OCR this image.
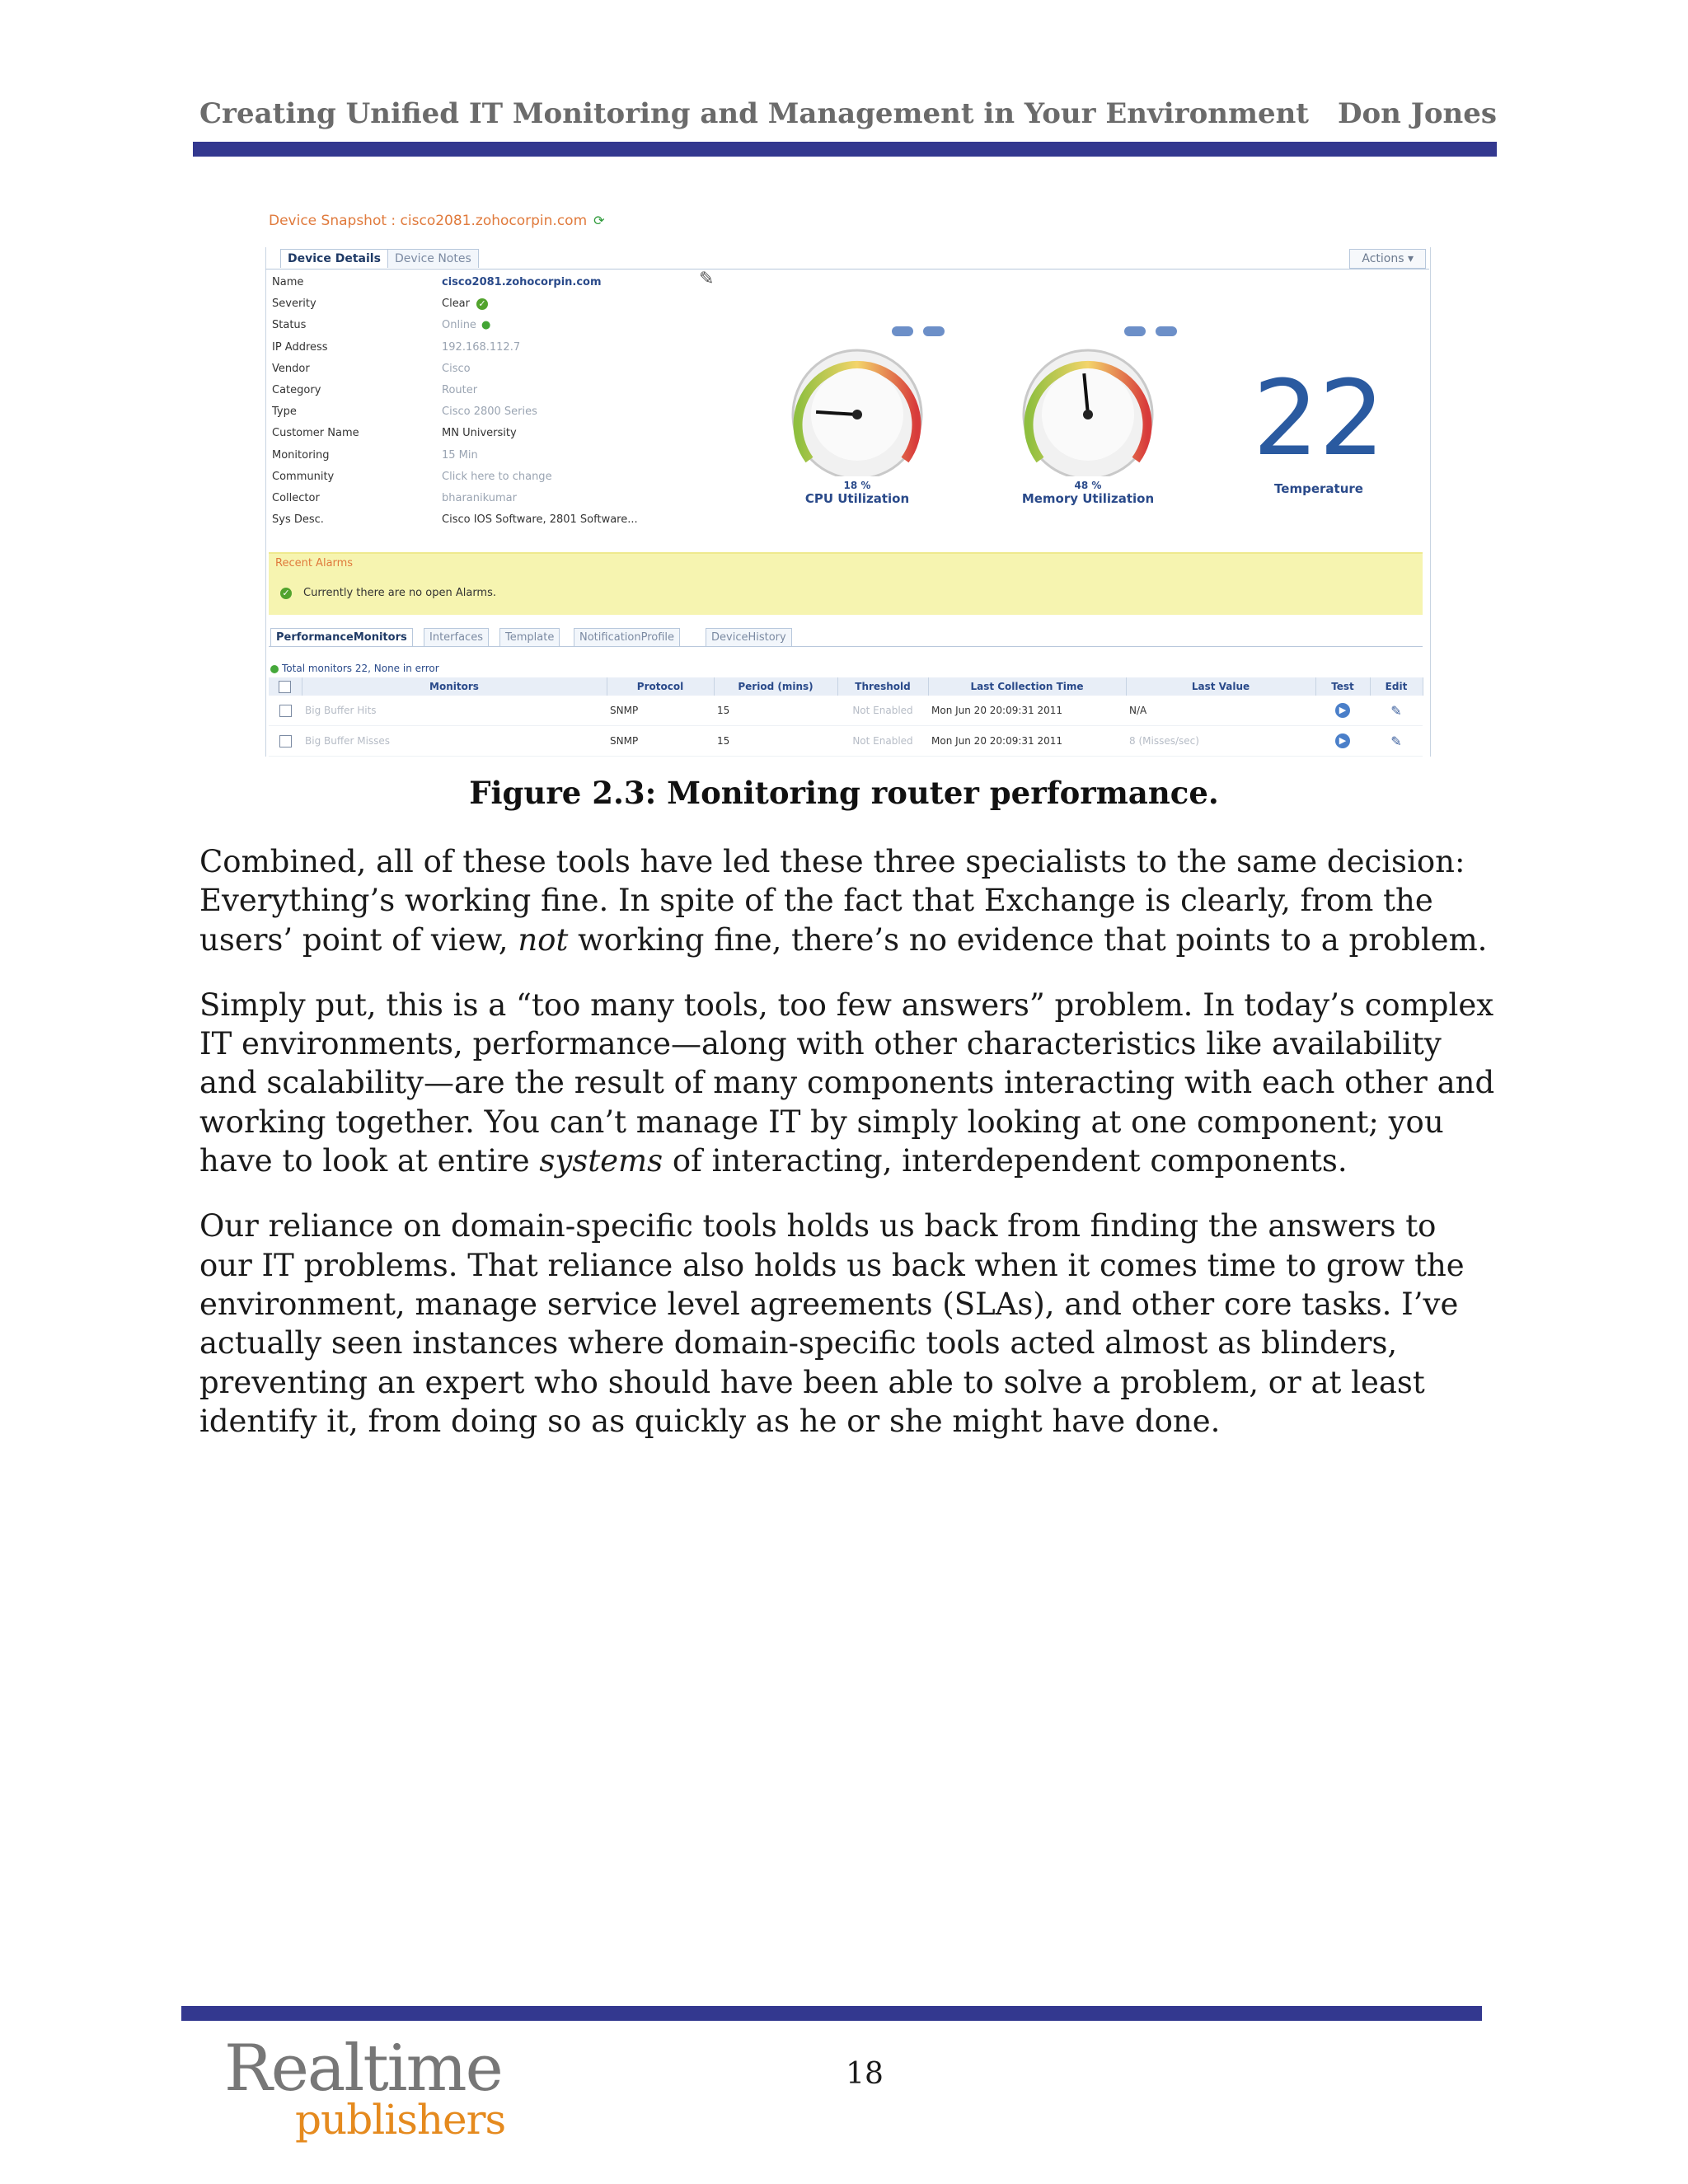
Creating Unified IT Monitoring and Management in Your Environment Don Jones
Device Snapshot : cisco2081.zohocorpin.com ⟳
Device Details	Device Notes	Actions ▾
Name	cisco2081.zohocorpin.com
Severity	Clear ✓
Status	Online ●
IP Address	192.168.112.7
Vendor	Cisco
Category	Router
Type	Cisco 2800 Series
Customer Name	MN University
Monitoring	15 Min
Community	Click here to change
Collector	bharanikumar
Sys Desc.	Cisco IOS Software, 2801 Software...
✎
18 %
CPU Utilization
48 %
Memory Utilization
22
Temperature
Recent Alarms
✓ Currently there are no open Alarms.
PerformanceMonitors	Interfaces	Template	NotificationProfile	DeviceHistory
Total monitors 22, None in error
	Monitors	Protocol	Period (mins)	Threshold	Last Collection Time	Last Value	Test	Edit
	Big Buffer Hits	SNMP	15	Not Enabled	Mon Jun 20 20:09:31 2011	N/A	▶	✎
	Big Buffer Misses	SNMP	15	Not Enabled	Mon Jun 20 20:09:31 2011	8 (Misses/sec)	▶	✎
Figure 2.3: Monitoring router performance.

Combined, all of these tools have led these three specialists to the same decision: Everything’s working fine. In spite of the fact that Exchange is clearly, from the users’ point of view, not working fine, there’s no evidence that points to a problem.

Simply put, this is a “too many tools, too few answers” problem. In today’s complex IT environments, performance—along with other characteristics like availability and scalability—are the result of many components interacting with each other and working together. You can’t manage IT by simply looking at one component; you have to look at entire systems of interacting, interdependent components.

Our reliance on domain-specific tools holds us back from finding the answers to our IT problems. That reliance also holds us back when it comes time to grow the environment, manage service level agreements (SLAs), and other core tasks. I’ve actually seen instances where domain-specific tools acted almost as blinders, preventing an expert who should have been able to solve a problem, or at least identify it, from doing so as quickly as he or she might have done.

Realtime
publishers
18
